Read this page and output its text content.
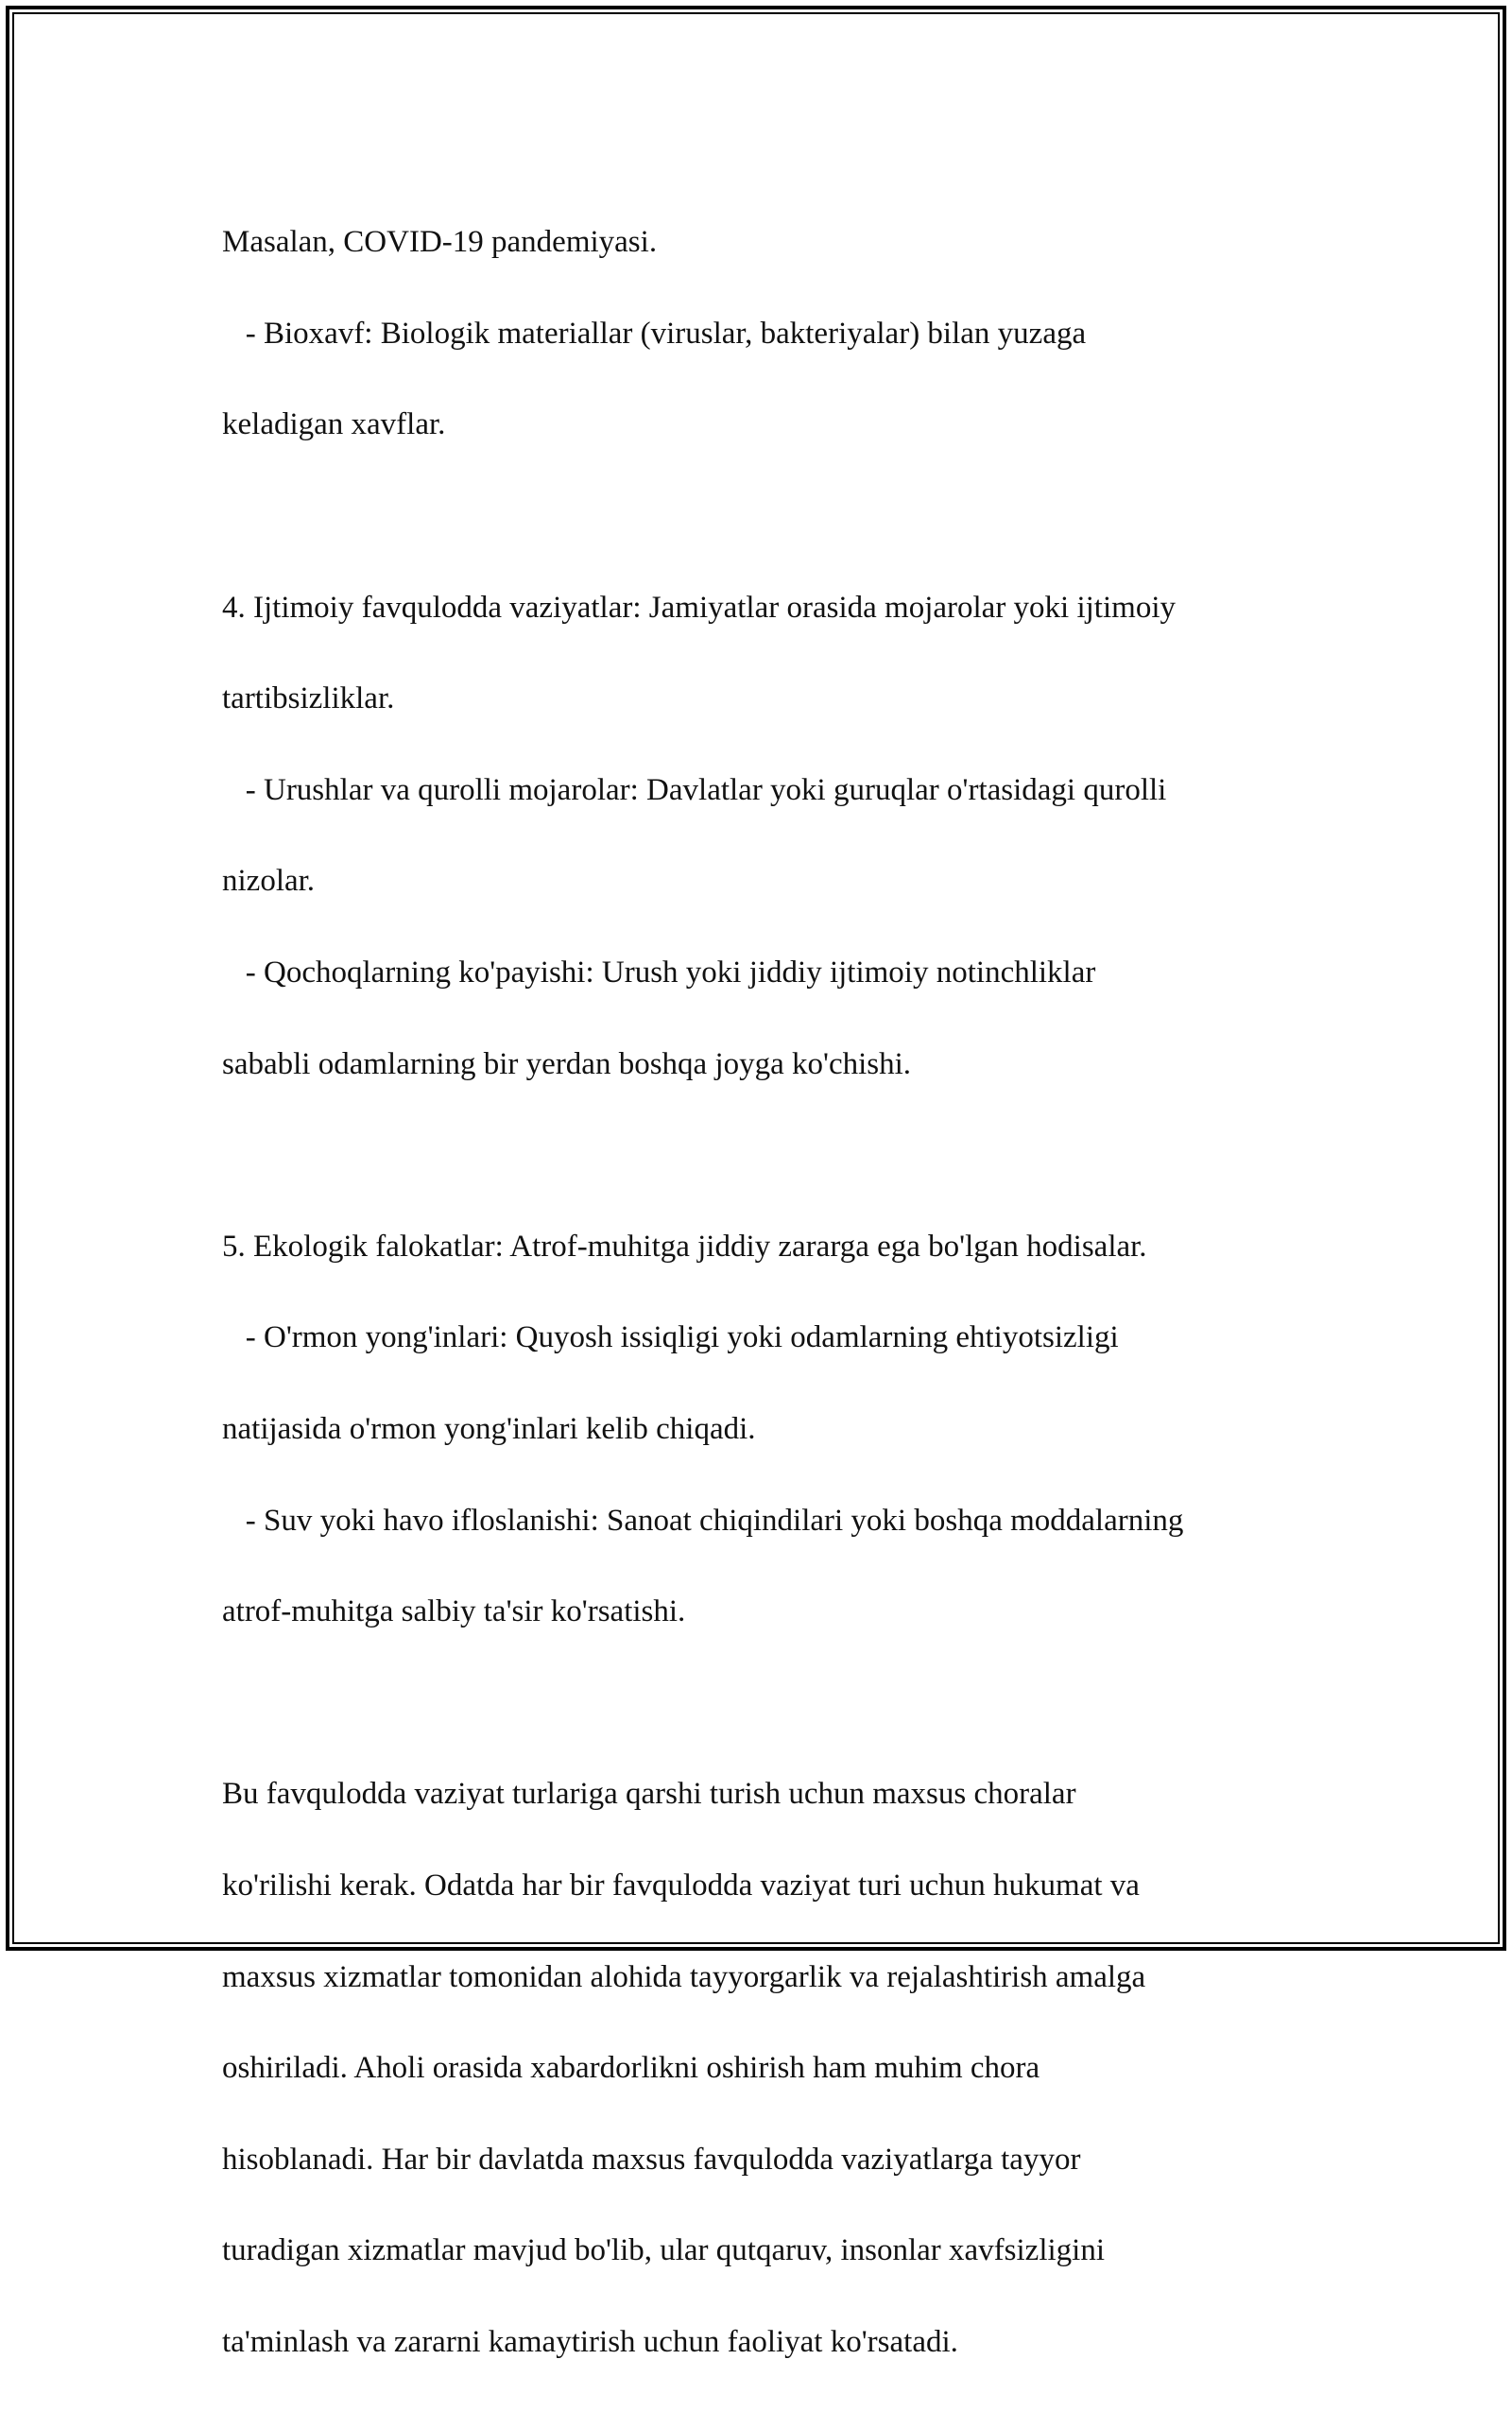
Masalan, COVID-19 pandemiyasi.

- Bioxavf: Biologik materiallar (viruslar, bakteriyalar) bilan yuzaga

keladigan xavflar.

4. Ijtimoiy favqulodda vaziyatlar: Jamiyatlar orasida mojarolar yoki ijtimoiy

tartibsizliklar.

- Urushlar va qurolli mojarolar: Davlatlar yoki guruqlar o'rtasidagi qurolli

nizolar.

- Qochoqlarning ko'payishi: Urush yoki jiddiy ijtimoiy notinchliklar

sababli odamlarning bir yerdan boshqa joyga ko'chishi.

5. Ekologik falokatlar: Atrof-muhitga jiddiy zararga ega bo'lgan hodisalar.

- O'rmon yong'inlari: Quyosh issiqligi yoki odamlarning ehtiyotsizligi

natijasida o'rmon yong'inlari kelib chiqadi.

- Suv yoki havo ifloslanishi: Sanoat chiqindilari yoki boshqa moddalarning

atrof-muhitga salbiy ta'sir ko'rsatishi.

Bu favqulodda vaziyat turlariga qarshi turish uchun maxsus choralar

ko'rilishi kerak. Odatda har bir favqulodda vaziyat turi uchun hukumat va

maxsus xizmatlar tomonidan alohida tayyorgarlik va rejalashtirish amalga

oshiriladi. Aholi orasida xabardorlikni oshirish ham muhim chora

hisoblanadi. Har bir davlatda maxsus favqulodda vaziyatlarga tayyor

turadigan xizmatlar mavjud bo'lib, ular qutqaruv, insonlar xavfsizligini

ta'minlash va zararni kamaytirish uchun faoliyat ko'rsatadi.
